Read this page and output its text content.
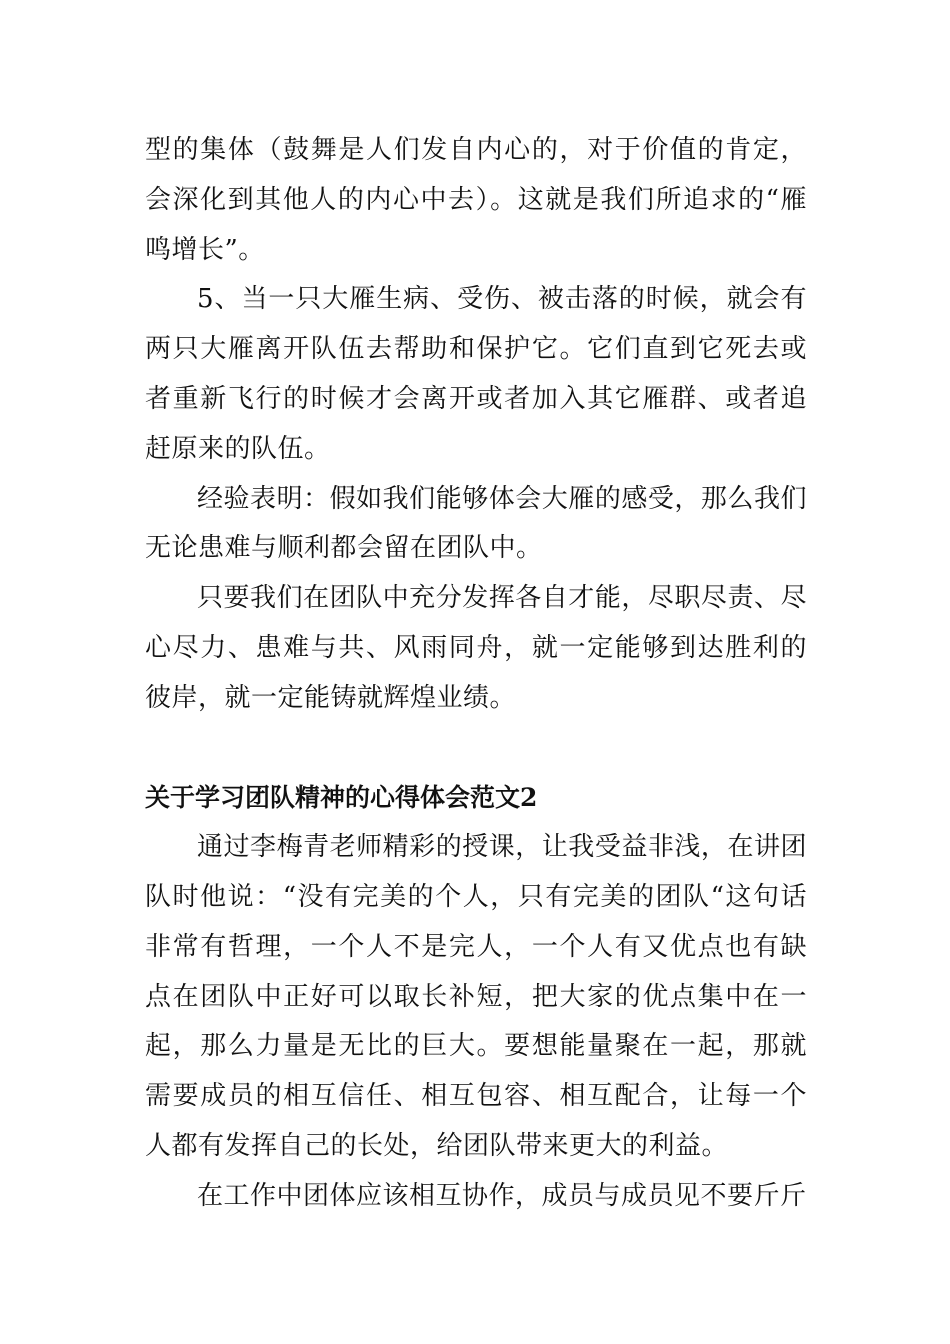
型的集体（鼓舞是人们发自内心的，对于价值的肯定，会深化到其他人的内心中去）。这就是我们所追求的“雁鸣增长”。

5、当一只大雁生病、受伤、被击落的时候，就会有两只大雁离开队伍去帮助和保护它。它们直到它死去或者重新飞行的时候才会离开或者加入其它雁群、或者追赶原来的队伍。

经验表明：假如我们能够体会大雁的感受，那么我们无论患难与顺利都会留在团队中。

只要我们在团队中充分发挥各自才能，尽职尽责、尽心尽力、患难与共、风雨同舟，就一定能够到达胜利的彼岸，就一定能铸就辉煌业绩。

关于学习团队精神的心得体会范文2

通过李梅青老师精彩的授课，让我受益非浅，在讲团队时他说：“没有完美的个人，只有完美的团队“这句话非常有哲理，一个人不是完人，一个人有又优点也有缺点在团队中正好可以取长补短，把大家的优点集中在一起，那么力量是无比的巨大。要想能量聚在一起，那就需要成员的相互信任、相互包容、相互配合，让每一个人都有发挥自己的长处，给团队带来更大的利益。

在工作中团体应该相互协作，成员与成员见不要斤斤
